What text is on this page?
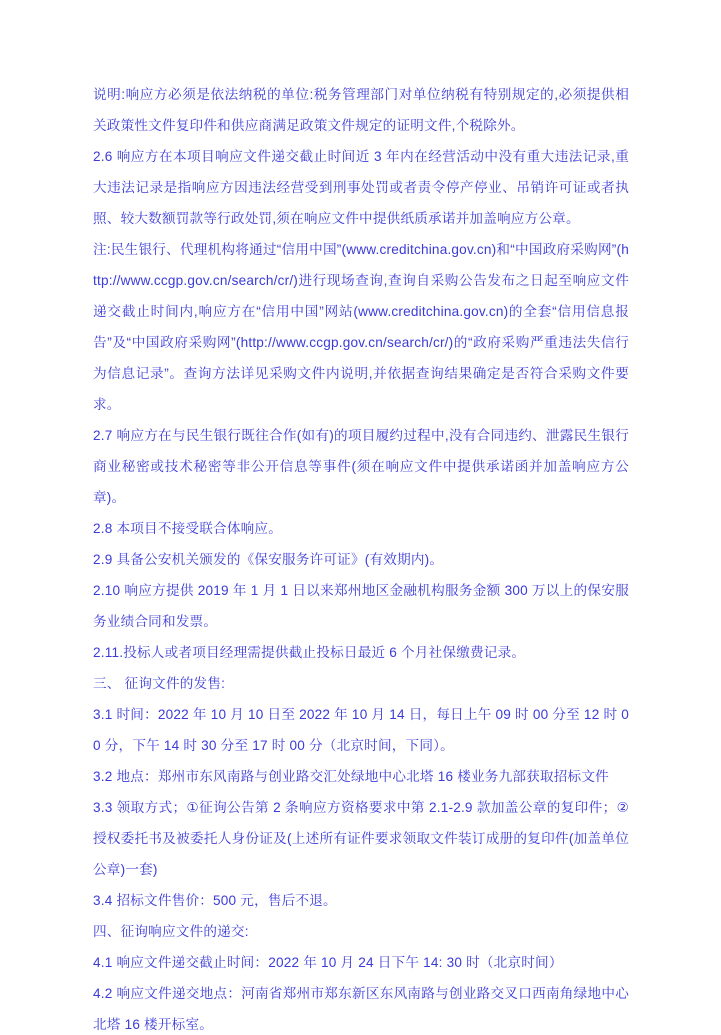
说明:响应方必须是依法纳税的单位:税务管理部门对单位纳税有特别规定的,必须提供相关政策性文件复印件和供应商满足政策文件规定的证明文件,个税除外。

2.6 响应方在本项目响应文件递交截止时间近 3 年内在经营活动中没有重大违法记录,重大违法记录是指响应方因违法经营受到刑事处罚或者责令停产停业、吊销许可证或者执照、较大数额罚款等行政处罚,须在响应文件中提供纸质承诺并加盖响应方公章。

注:民生银行、代理机构将通过“信用中国”(www.creditchina.gov.cn)和“中国政府采购网”(http://www.ccgp.gov.cn/search/cr/)进行现场查询,查询自采购公告发布之日起至响应文件递交截止时间内,响应方在“信用中国”网站(www.creditchina.gov.cn)的全套“信用信息报告”及“中国政府采购网”(http://www.ccgp.gov.cn/search/cr/)的“政府采购严重违法失信行为信息记录”。查询方法详见采购文件内说明,并依据查询结果确定是否符合采购文件要求。

2.7 响应方在与民生银行既往合作(如有)的项目履约过程中,没有合同违约、泄露民生银行商业秘密或技术秘密等非公开信息等事件(须在响应文件中提供承诺函并加盖响应方公章)。

2.8 本项目不接受联合体响应。

2.9 具备公安机关颁发的《保安服务许可证》(有效期内)。

2.10 响应方提供 2019 年 1 月 1 日以来郑州地区金融机构服务金额 300 万以上的保安服务业绩合同和发票。

2.11.投标人或者项目经理需提供截止投标日最近 6 个月社保缴费记录。

三、 征询文件的发售:

3.1 时间：2022 年 10 月 10 日至 2022 年 10 月 14 日，每日上午 09 时 00 分至 12 时 00 分，下午 14 时 30 分至 17 时 00 分（北京时间，下同）。

3.2 地点：郑州市东风南路与创业路交汇处绿地中心北塔 16 楼业务九部获取招标文件

3.3 领取方式；①征询公告第 2 条响应方资格要求中第 2.1-2.9 款加盖公章的复印件；②授权委托书及被委托人身份证及(上述所有证件要求领取文件装订成册的复印件(加盖单位公章)一套)

3.4 招标文件售价：500 元，售后不退。

四、征询响应文件的递交:

4.1 响应文件递交截止时间：2022 年 10 月 24 日下午 14: 30 时（北京时间）

4.2 响应文件递交地点：河南省郑州市郑东新区东风南路与创业路交叉口西南角绿地中心北塔 16 楼开标室。
